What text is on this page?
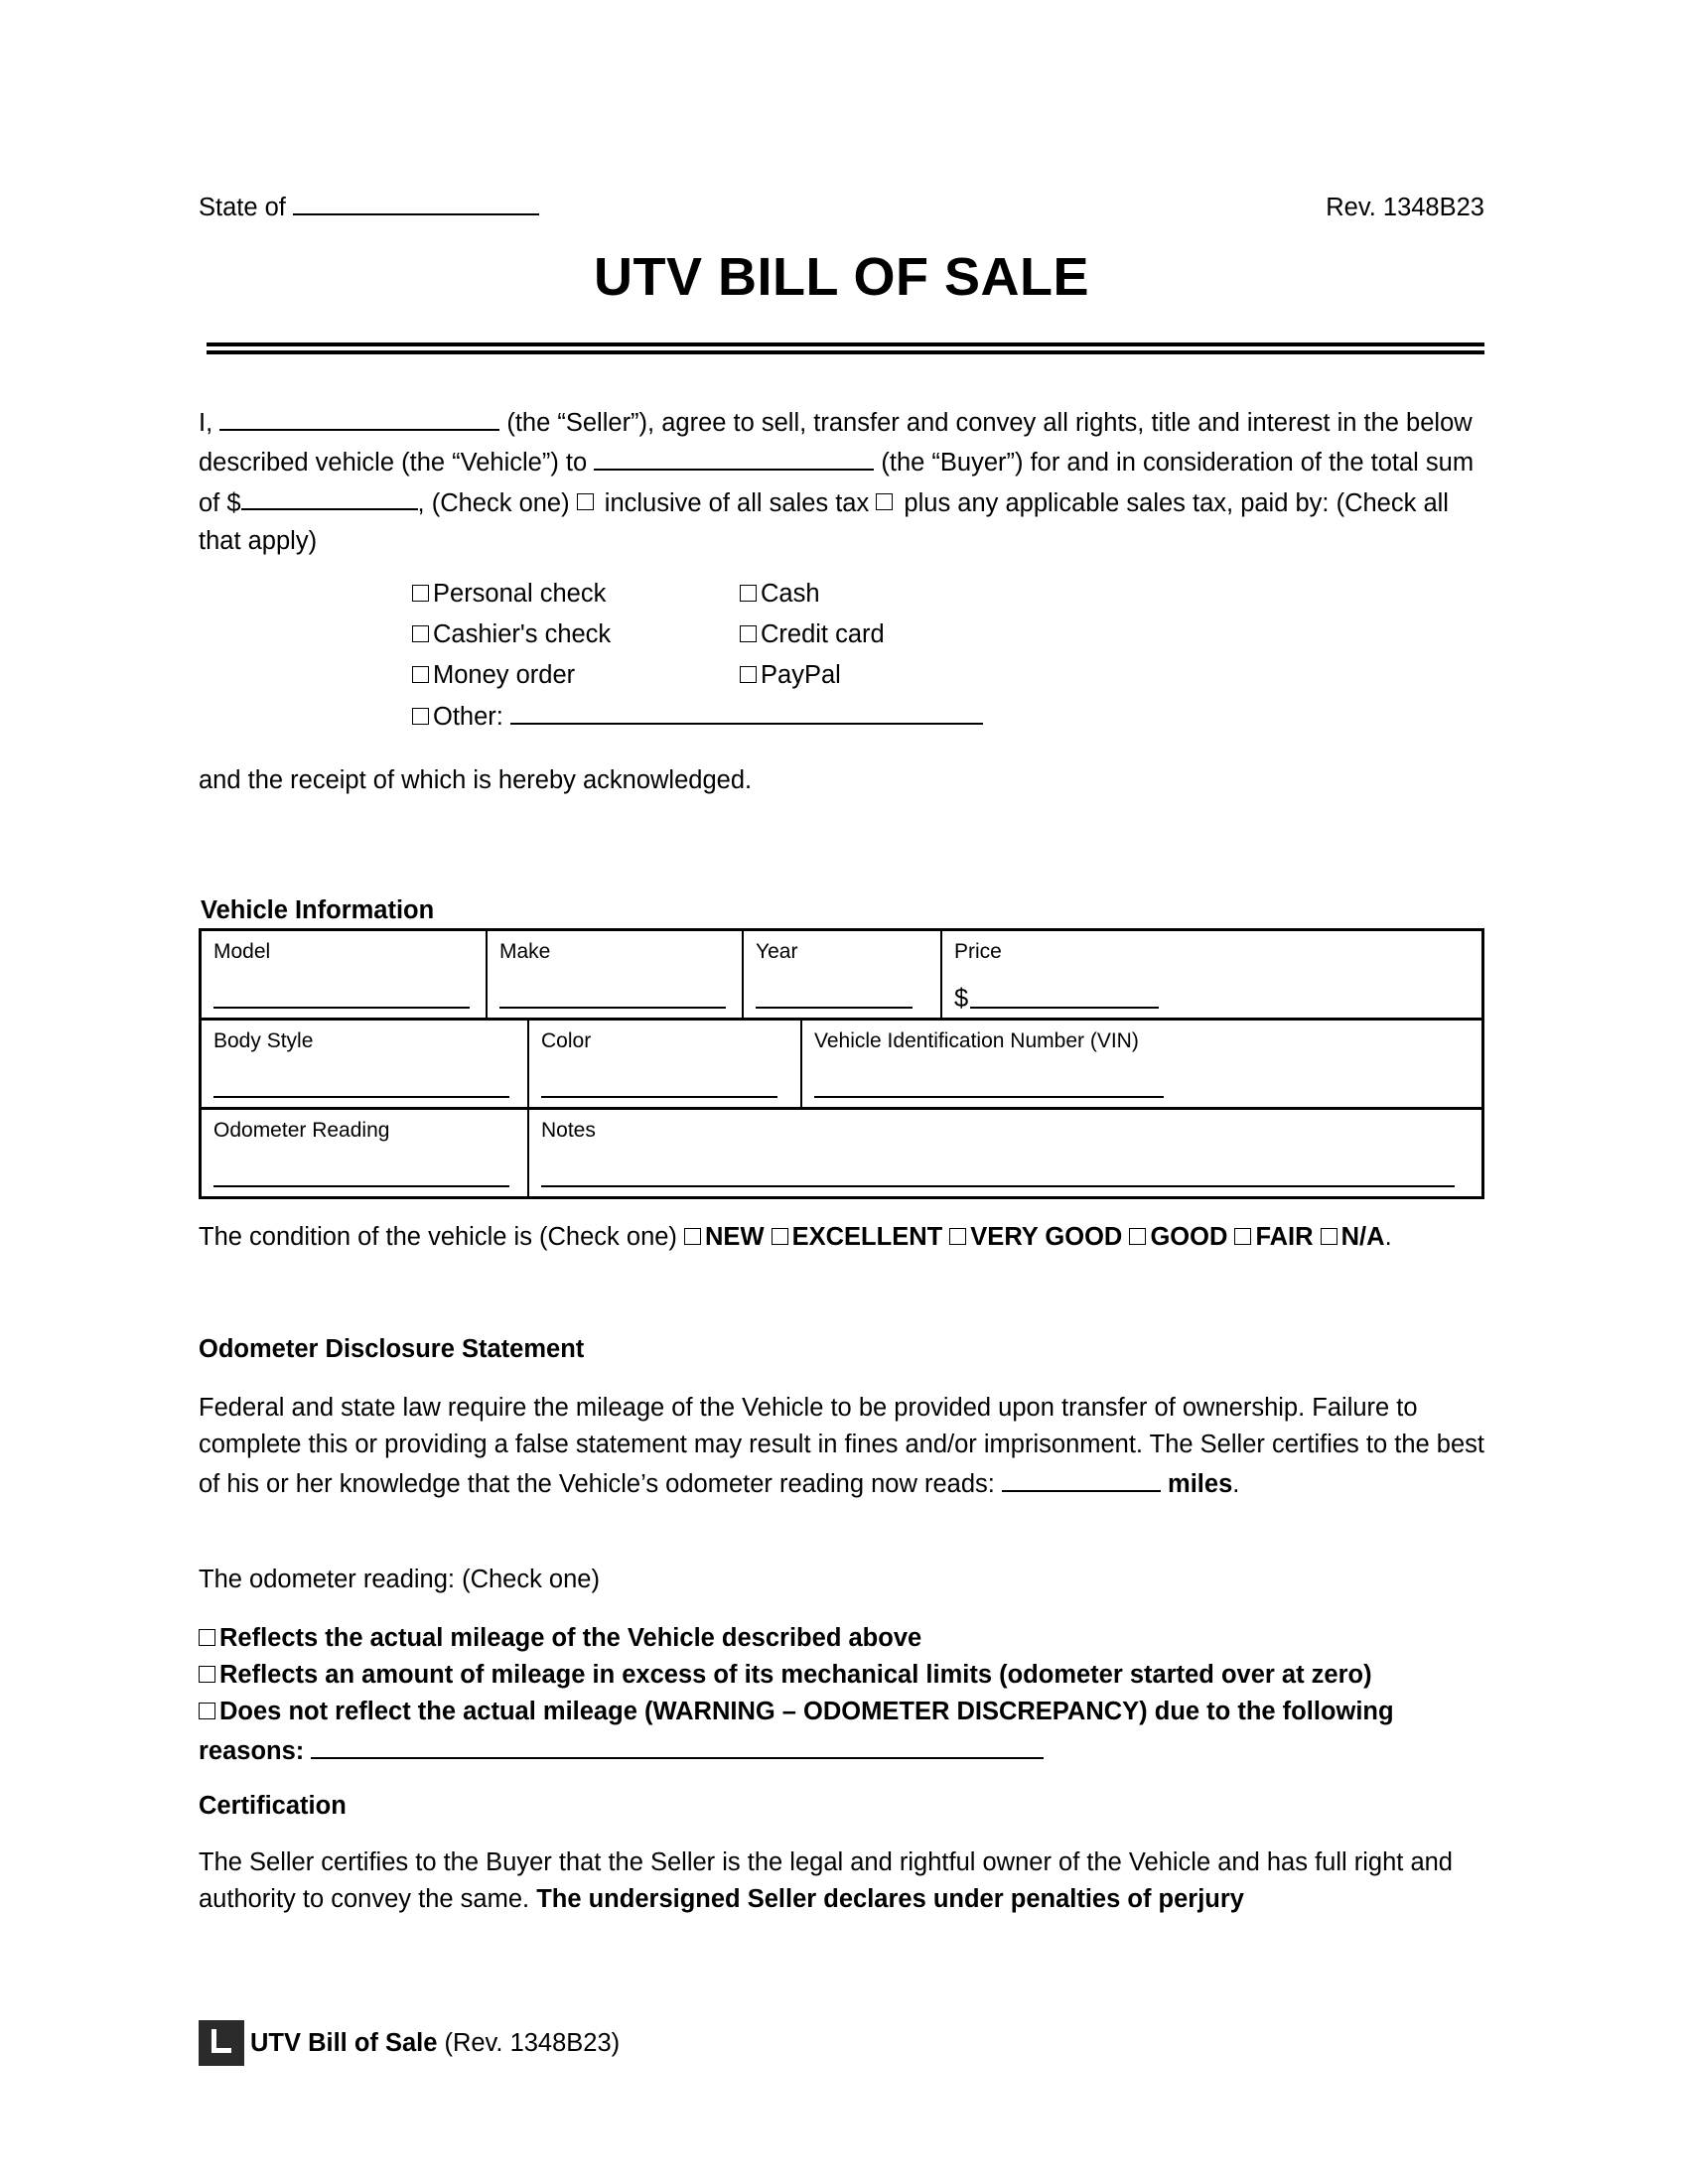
State of	Rev. 1348B23
UTV BILL OF SALE
I,	(the “Seller”), agree to sell, transfer and convey all rights, title and interest in the below described vehicle (the “Vehicle”) to	(the “Buyer”) for and in consideration of the total sum of $	, (Check one)  inclusive of all sales tax  plus any applicable sales tax, paid by: (Check all that apply)
Personal check	Cash
Cashier's check	Credit card
Money order	PayPal
Other:
and the receipt of which is hereby acknowledged.
Vehicle Information
Model	Make	Year	Price
$
Body Style	Color	Vehicle Identification Number (VIN)
Odometer Reading	Notes
The condition of the vehicle is (Check one) NEW EXCELLENT VERY GOOD GOOD FAIR N/A.
Odometer Disclosure Statement
Federal and state law require the mileage of the Vehicle to be provided upon transfer of ownership. Failure to complete this or providing a false statement may result in fines and/or imprisonment. The Seller certifies to the best of his or her knowledge that the Vehicle’s odometer reading now reads:	miles.
The odometer reading: (Check one)
Reflects the actual mileage of the Vehicle described above
Reflects an amount of mileage in excess of its mechanical limits (odometer started over at zero)
Does not reflect the actual mileage (WARNING – ODOMETER DISCREPANCY) due to the following reasons:
Certification
The Seller certifies to the Buyer that the Seller is the legal and rightful owner of the Vehicle and has full right and authority to convey the same. The undersigned Seller declares under penalties of perjury
UTV Bill of Sale (Rev. 1348B23)
